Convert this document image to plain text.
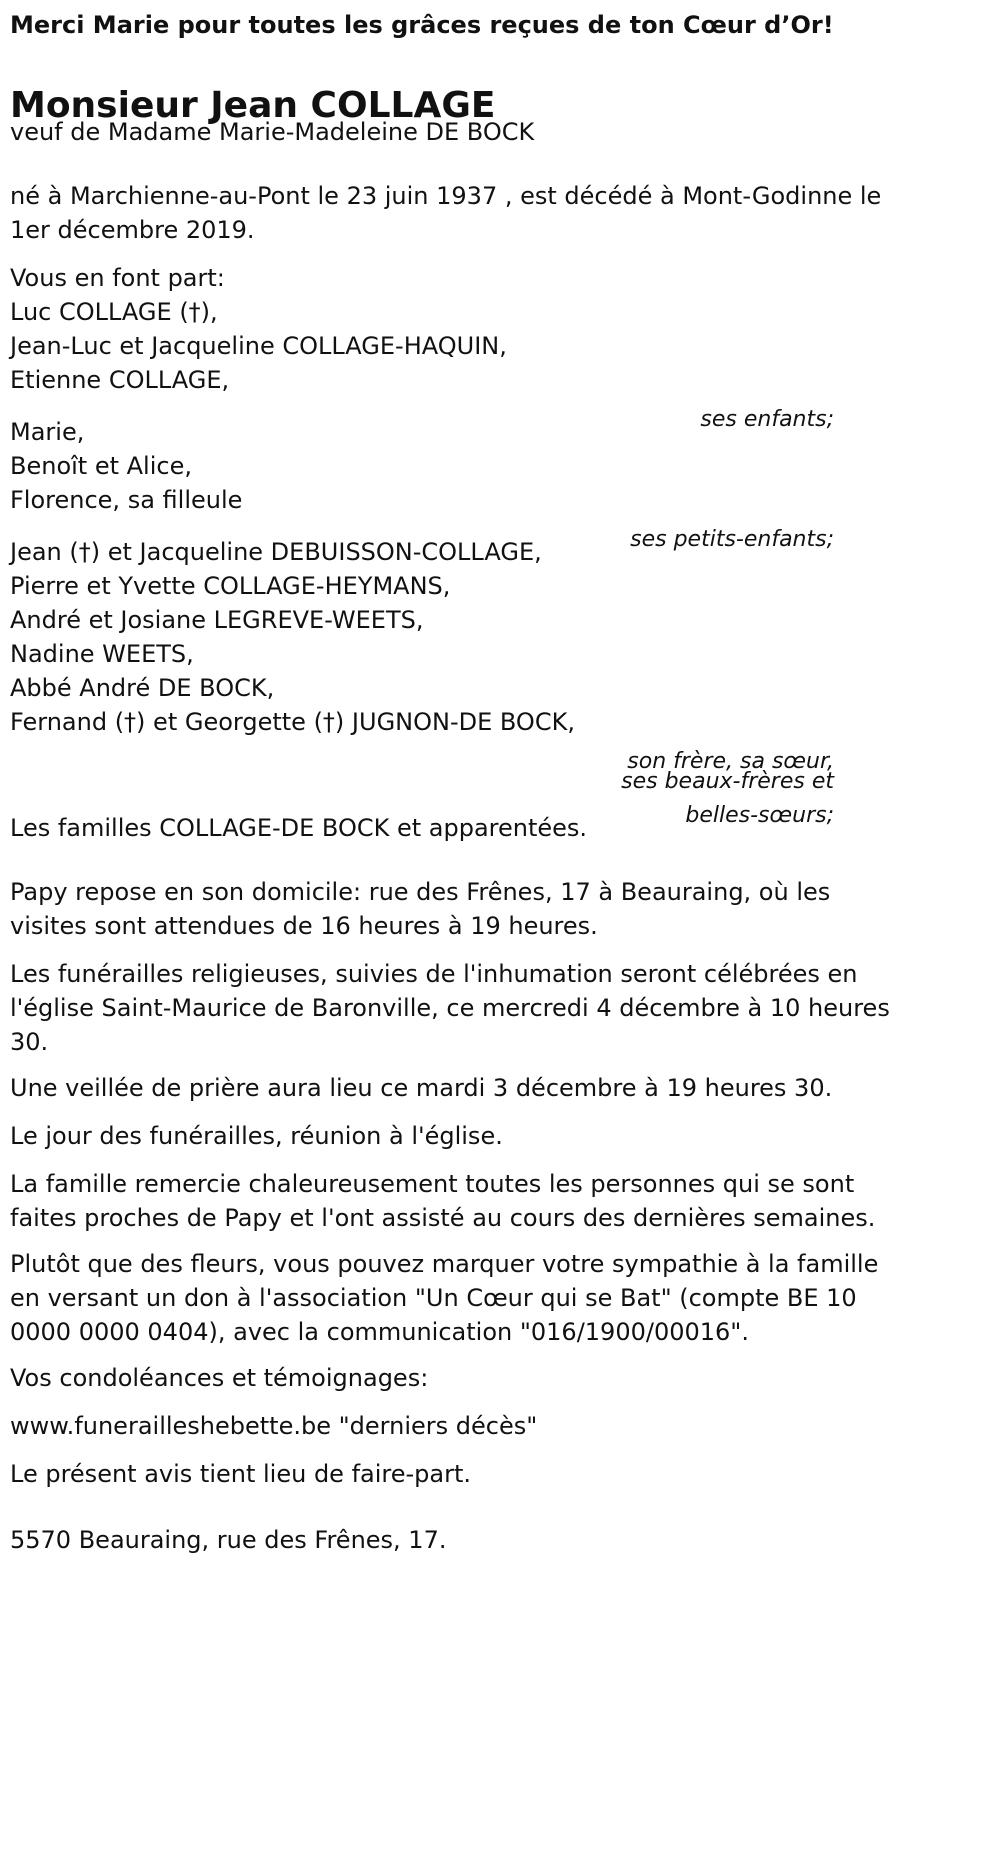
Merci Marie pour toutes les grâces reçues de ton Cœur d’Or!

Monsieur Jean COLLAGE

veuf de Madame Marie-Madeleine DE BOCK

né à Marchienne-au-Pont le 23 juin 1937 , est décédé à Mont-Godinne le

1er décembre 2019.

Vous en font part:

Luc COLLAGE (†),

Jean-Luc et Jacqueline COLLAGE-HAQUIN,

Etienne COLLAGE,

ses enfants;

Marie,

Benoît et Alice,

Florence, sa filleule

ses petits-enfants;

Jean (†) et Jacqueline DEBUISSON-COLLAGE,

Pierre et Yvette COLLAGE-HEYMANS,

André et Josiane LEGREVE-WEETS,

Nadine WEETS,

Abbé André DE BOCK,

Fernand (†) et Georgette (†) JUGNON-DE BOCK,

son frère, sa sœur,

ses beaux-frères et

belles-sœurs;

Les familles COLLAGE-DE BOCK et apparentées.

Papy repose en son domicile: rue des Frênes, 17 à Beauraing, où les

visites sont attendues de 16 heures à 19 heures.

Les funérailles religieuses, suivies de l'inhumation seront célébrées en

l'église Saint-Maurice de Baronville, ce mercredi 4 décembre à 10 heures

30.

Une veillée de prière aura lieu ce mardi 3 décembre à 19 heures 30.

Le jour des funérailles, réunion à l'église.

La famille remercie chaleureusement toutes les personnes qui se sont

faites proches de Papy et l'ont assisté au cours des dernières semaines.

Plutôt que des fleurs, vous pouvez marquer votre sympathie à la famille

en versant un don à l'association "Un Cœur qui se Bat" (compte BE 10

0000 0000 0404), avec la communication "016/1900/00016".

Vos condoléances et témoignages:

www.funerailleshebette.be "derniers décès"

Le présent avis tient lieu de faire-part.

5570 Beauraing, rue des Frênes, 17.
